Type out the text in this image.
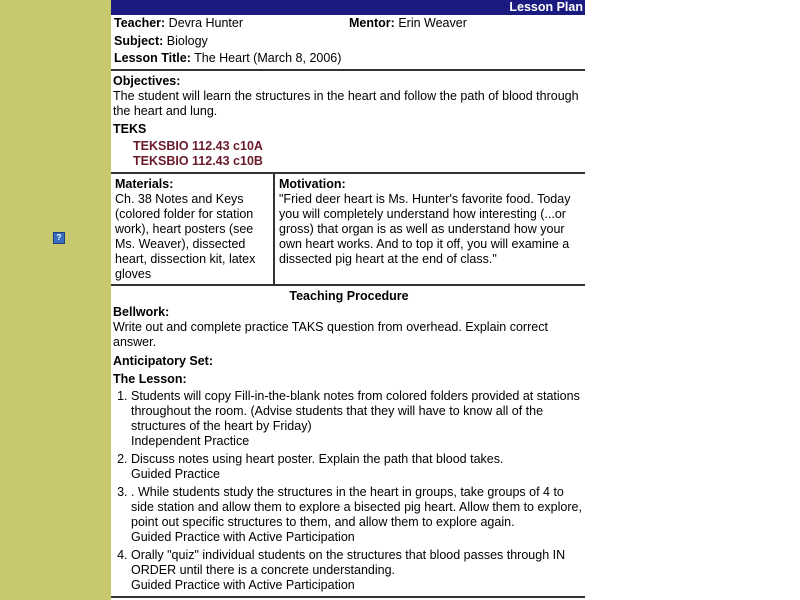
?
Lesson Plan
Teacher: Devra Hunter	Mentor: Erin Weaver
Subject: Biology
Lesson Title: The Heart (March 8, 2006)
Objectives:
The student will learn the structures in the heart and follow the path of blood through the heart and lung.
TEKS
TEKSBIO 112.43 c10A
TEKSBIO 112.43 c10B
Materials:
Ch. 38 Notes and Keys (colored folder for station work), heart posters (see Ms. Weaver), dissected heart, dissection kit, latex gloves
Motivation:
"Fried deer heart is Ms. Hunter's favorite food. Today you will completely understand how interesting (...or gross) that organ is as well as understand how your own heart works. And to top it off, you will examine a dissected pig heart at the end of class."
Teaching Procedure
Bellwork:
Write out and complete practice TAKS question from overhead. Explain correct answer.
Anticipatory Set:
The Lesson:
1. Students will copy Fill-in-the-blank notes from colored folders provided at stations throughout the room. (Advise students that they will have to know all of the structures of the heart by Friday)
Independent Practice
2. Discuss notes using heart poster. Explain the path that blood takes.
Guided Practice
3. . While students study the structures in the heart in groups, take groups of 4 to side station and allow them to explore a bisected pig heart. Allow them to explore, point out specific structures to them, and allow them to explore again.
Guided Practice with Active Participation
4. Orally "quiz" individual students on the structures that blood passes through IN ORDER until there is a concrete understanding.
Guided Practice with Active Participation
